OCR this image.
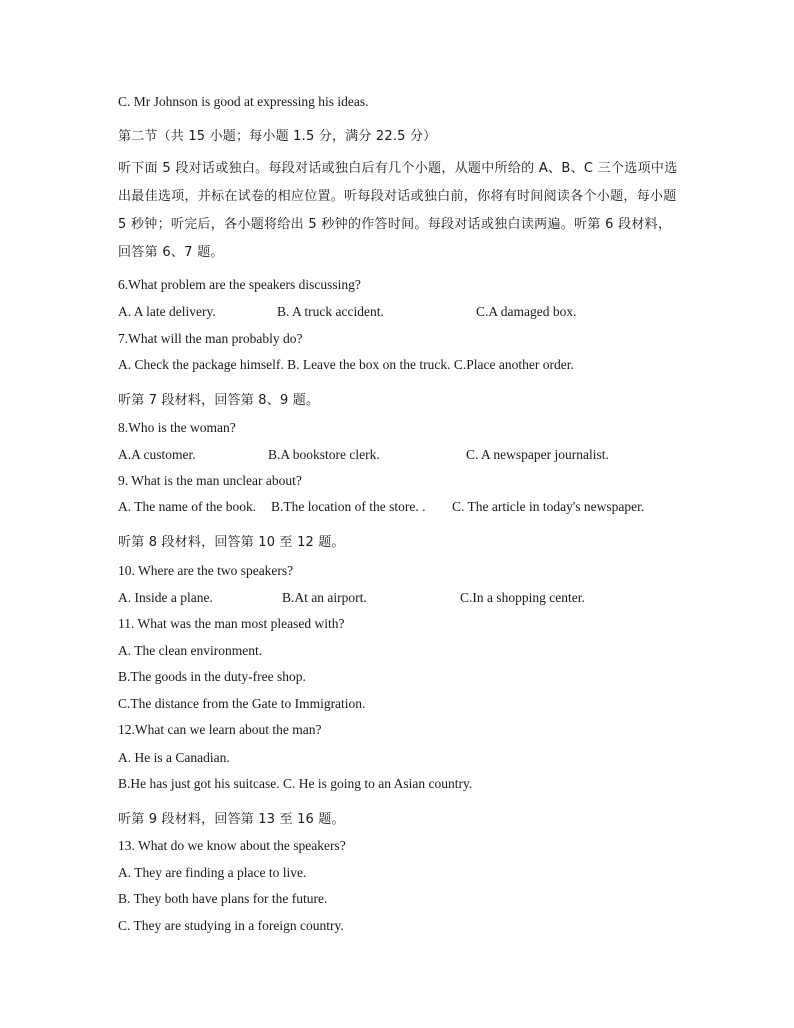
C. Mr Johnson is good at expressing his ideas.
第二节（共 15 小题；每小题 1.5 分，满分 22.5 分）
听下面 5 段对话或独白。每段对话或独白后有几个小题，从题中所给的 A、B、C 三个选项中选出最佳选项，并标在试卷的相应位置。听每段对话或独白前，你将有时间阅读各个小题，每小题 5 秒钟；听完后，各小题将给出 5 秒钟的作答时间。每段对话或独白读两遍。听第 6 段材料，回答第 6、7 题。
6.What problem are the speakers discussing?
A. A late delivery.	B. A truck accident.	C.A damaged box.
7.What will the man probably do?
A. Check the package himself. B. Leave the box on the truck. C.Place another order.
听第 7 段材料，回答第 8、9 题。
8.Who is the woman?
A.A customer.	B.A bookstore clerk.	C. A newspaper journalist.
9. What is the man unclear about?
A. The name of the book. B.The location of the store. . C. The article in today's newspaper.
听第 8 段材料，回答第 10 至 12 题。
10. Where are the two speakers?
A. Inside a plane.	B.At an airport.	C.In a shopping center.
11. What was the man most pleased with?
A. The clean environment.
B.The goods in the duty-free shop.
C.The distance from the Gate to Immigration.
12.What can we learn about the man?
A. He is a Canadian.
B.He has just got his suitcase. C. He is going to an Asian country.
听第 9 段材料，回答第 13 至 16 题。
13. What do we know about the speakers?
A. They are finding a place to live.
B. They both have plans for the future.
C. They are studying in a foreign country.
